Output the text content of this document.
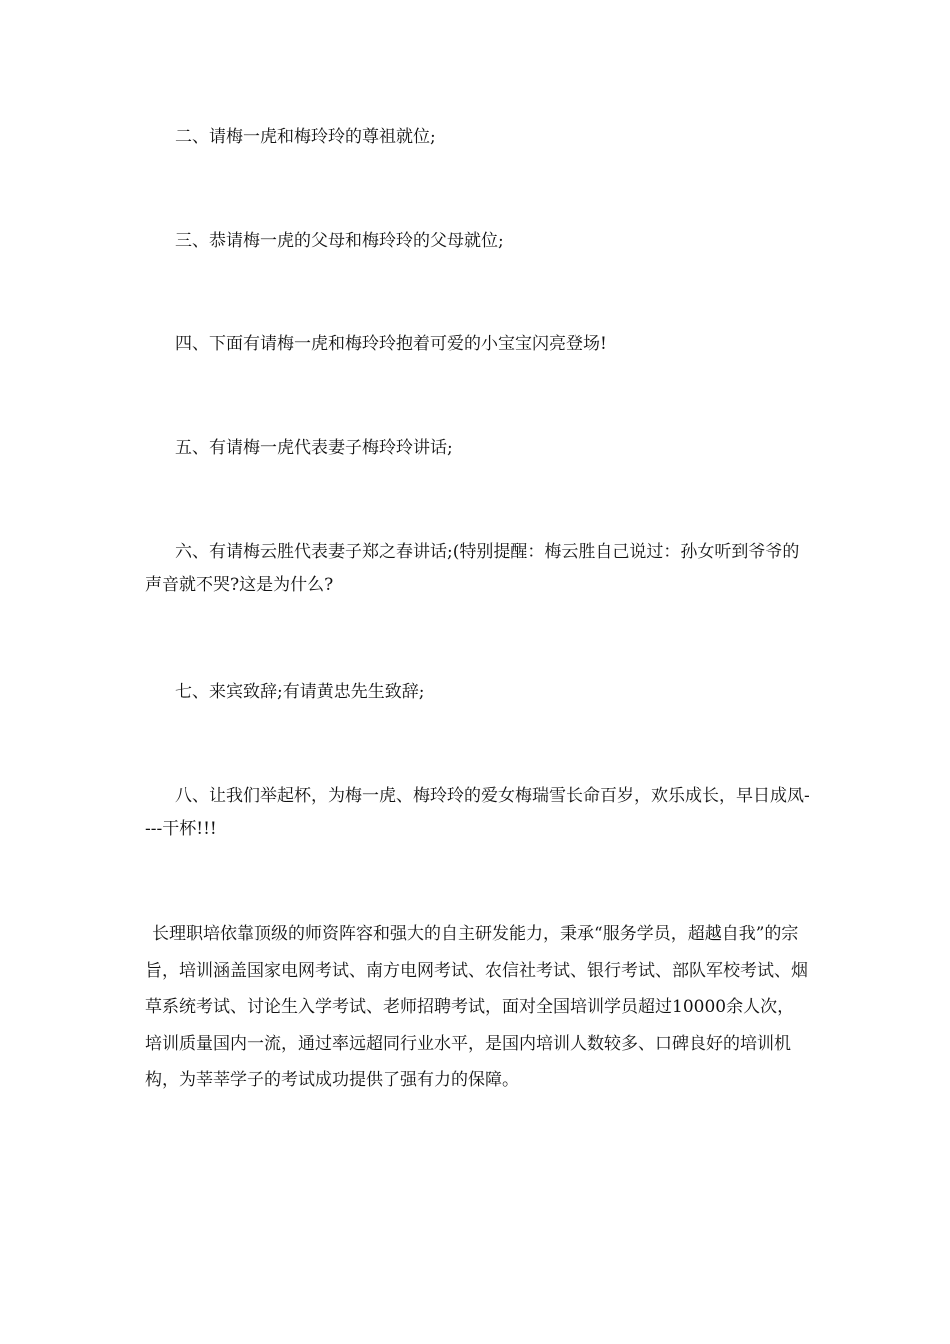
二、请梅一虎和梅玲玲的尊祖就位;

三、恭请梅一虎的父母和梅玲玲的父母就位;

四、下面有请梅一虎和梅玲玲抱着可爱的小宝宝闪亮登场!

五、有请梅一虎代表妻子梅玲玲讲话;

六、有请梅云胜代表妻子郑之春讲话;(特别提醒：梅云胜自己说过：孙女听到爷爷的声音就不哭?这是为什么?

七、来宾致辞;有请黄忠先生致辞;

八、让我们举起杯，为梅一虎、梅玲玲的爱女梅瑞雪长命百岁，欢乐成长，早日成凤----干杯!!!

长理职培依靠顶级的师资阵容和强大的自主研发能力，秉承“服务学员，超越自我”的宗旨，培训涵盖国家电网考试、南方电网考试、农信社考试、银行考试、部队军校考试、烟草系统考试、讨论生入学考试、老师招聘考试，面对全国培训学员超过10000余人次，培训质量国内一流，通过率远超同行业水平，是国内培训人数较多、口碑良好的培训机构，为莘莘学子的考试成功提供了强有力的保障。
